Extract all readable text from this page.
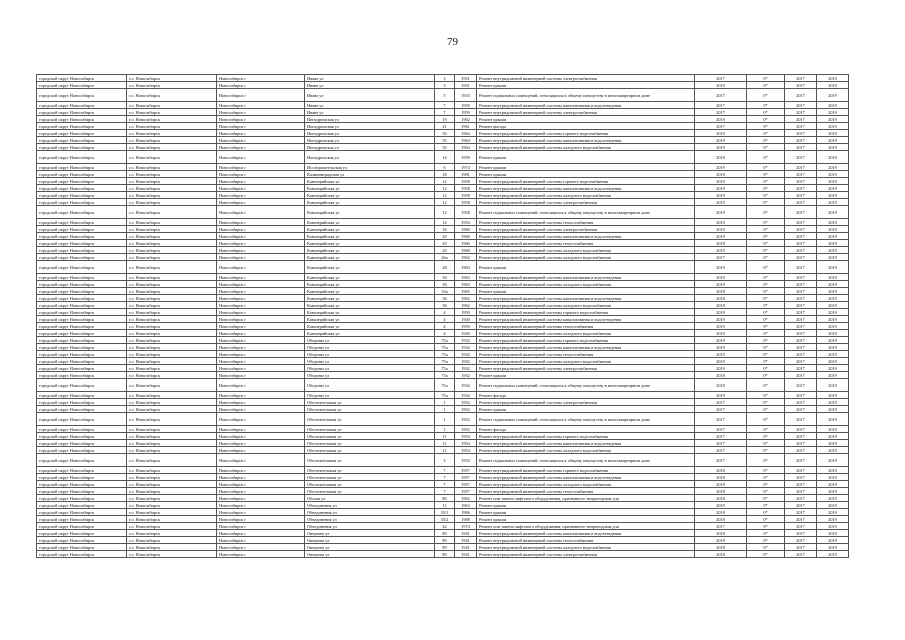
79
городской округ Новосибирск	г.о. Новосибирск	Новосибирск г	Ивана ул	3	1951	Ремонт внутридомовой инженерной системы электроснабжения	2017	0*	2017	2019
городской округ Новосибирск	г.о. Новосибирск	Новосибирск г	Ивана ул	3	1951	Ремонт крыши	2019	0*	2017	2019
городской округ Новосибирск	г.о. Новосибирск	Новосибирск г	Ивана ул	5	1933	Ремонт подвальных помещений, относящихся к общему имуществу в многоквартирном доме	2017	0*	2017	2019
городской округ Новосибирск	г.о. Новосибирск	Новосибирск г	Ивана ул	7	1959	Ремонт внутридомовой инженерной системы канализования и водоотведения	2017	0*	2017	2019
городской округ Новосибирск	г.о. Новосибирск	Новосибирск г	Ивана ул	7	1959	Ремонт внутридомовой инженерной системы электроснабжения	2017	0*	2017	2019
городской округ Новосибирск	г.о. Новосибирск	Новосибирск г	Ипподромская ул	19	1962	Ремонт крыши	2019	0*	2017	2019
городской округ Новосибирск	г.о. Новосибирск	Новосибирск г	Ипподромская ул	21	1961	Ремонт фасада	2017	0*	2017	2019
городской округ Новосибирск	г.о. Новосибирск	Новосибирск г	Ипподромская ул	35	1964	Ремонт внутридомовой инженерной системы горячего водоснабжения	2019	0*	2017	2019
городской округ Новосибирск	г.о. Новосибирск	Новосибирск г	Ипподромская ул	35	1964	Ремонт внутридомовой инженерной системы канализования и водоотведения	2019	0*	2017	2019
городской округ Новосибирск	г.о. Новосибирск	Новосибирск г	Ипподромская ул	35	1964	Ремонт внутридомовой инженерной системы холодного водоснабжения	2019	0*	2017	2019
городской округ Новосибирск	г.о. Новосибирск	Новосибирск г	Ипподромская ул	14	1959	Ремонт крыши	2018	0*	2017	2019
городской округ Новосибирск	г.о. Новосибирск	Новосибирск г	Исследовательская ул	6	1974	Ремонт крыши	2019	0*	2017	2019
городской округ Новосибирск	г.о. Новосибирск	Новосибирск г	Калининградская ул	18	1981	Ремонт крыши	2018	0*	2017	2019
городской округ Новосибирск	г.о. Новосибирск	Новосибирск г	Кавалерийская ул	12	1958	Ремонт внутридомовой инженерной системы горячего водоснабжения	2019	0*	2017	2019
городской округ Новосибирск	г.о. Новосибирск	Новосибирск г	Кавалерийская ул	12	1958	Ремонт внутридомовой инженерной системы канализования и водоотведения	2019	0*	2017	2019
городской округ Новосибирск	г.о. Новосибирск	Новосибирск г	Кавалерийская ул	12	1958	Ремонт внутридомовой инженерной системы холодного водоснабжения	2019	0*	2017	2019
городской округ Новосибирск	г.о. Новосибирск	Новосибирск г	Кавалерийская ул	12	1958	Ремонт внутридомовой инженерной системы электроснабжения	2019	0*	2017	2019
городской округ Новосибирск	г.о. Новосибирск	Новосибирск г	Кавалерийская ул	12	1958	Ремонт подвальных помещений, относящихся к общему имуществу в многоквартирном доме	2019	0*	2017	2019
городской округ Новосибирск	г.о. Новосибирск	Новосибирск г	Кавалерийская ул	14	1954	Ремонт внутридомовой инженерной системы теплоснабжения	2019	0*	2017	2019
городской округ Новосибирск	г.о. Новосибирск	Новосибирск г	Кавалерийская ул	16	1960	Ремонт внутридомовой инженерной системы электроснабжения	2019	0*	2017	2019
городской округ Новосибирск	г.о. Новосибирск	Новосибирск г	Кавалерийская ул	20	1960	Ремонт внутридомовой инженерной системы канализования и водоотведения	2019	0*	2017	2019
городской округ Новосибирск	г.о. Новосибирск	Новосибирск г	Кавалерийская ул	20	1960	Ремонт внутридомовой инженерной системы теплоснабжения	2018	0*	2017	2019
городской округ Новосибирск	г.о. Новосибирск	Новосибирск г	Кавалерийская ул	20	1960	Ремонт внутридомовой инженерной системы холодного водоснабжения	2019	0*	2017	2019
городской округ Новосибирск	г.о. Новосибирск	Новосибирск г	Кавалерийская ул	26а	1962	Ремонт внутридомовой инженерной системы холодного водоснабжения	2017	0*	2017	2019
городской округ Новосибирск	г.о. Новосибирск	Новосибирск г	Кавалерийская ул	28	1963	Ремонт крыши	2019	0*	2017	2019
городской округ Новосибирск	г.о. Новосибирск	Новосибирск г	Кавалерийская ул	30	1963	Ремонт внутридомовой инженерной системы канализования и водоотведения	2019	0*	2017	2019
городской округ Новосибирск	г.о. Новосибирск	Новосибирск г	Кавалерийская ул	30	1963	Ремонт внутридомовой инженерной системы холодного водоснабжения	2019	0*	2017	2019
городской округ Новосибирск	г.о. Новосибирск	Новосибирск г	Кавалерийская ул	33а	1965	Ремонт крыши	2018	0*	2017	2019
городской округ Новосибирск	г.о. Новосибирск	Новосибирск г	Кавалерийская ул	36	1962	Ремонт внутридомовой инженерной системы канализования и водоотведения	2018	0*	2017	2019
городской округ Новосибирск	г.о. Новосибирск	Новосибирск г	Кавалерийская ул	36	1962	Ремонт внутридомовой инженерной системы холодного водоснабжения	2018	0*	2017	2019
городской округ Новосибирск	г.о. Новосибирск	Новосибирск г	Кавалерийская ул	4	1959	Ремонт внутридомовой инженерной системы горячего водоснабжения	2019	0*	2017	2019
городской округ Новосибирск	г.о. Новосибирск	Новосибирск г	Кавалерийская ул	4	1940	Ремонт внутридомовой инженерной системы канализования и водоотведения	2019	0*	2017	2019
городской округ Новосибирск	г.о. Новосибирск	Новосибирск г	Кавалерийская ул	4	1959	Ремонт внутридомовой инженерной системы теплоснабжения	2019	0*	2017	2019
городской округ Новосибирск	г.о. Новосибирск	Новосибирск г	Кавалерийская ул	4	1940	Ремонт внутридомовой инженерной системы холодного водоснабжения	2019	0*	2017	2019
городской округ Новосибирск	г.о. Новосибирск	Новосибирск г	Обороны ул	75а	1932	Ремонт внутридомовой инженерной системы горячего водоснабжения	2019	0*	2017	2019
городской округ Новосибирск	г.о. Новосибирск	Новосибирск г	Обороны ул	75а	1932	Ремонт внутридомовой инженерной системы канализования и водоотведения	2019	0*	2017	2019
городской округ Новосибирск	г.о. Новосибирск	Новосибирск г	Обороны ул	75а	1932	Ремонт внутридомовой инженерной системы теплоснабжения	2019	0*	2017	2019
городской округ Новосибирск	г.о. Новосибирск	Новосибирск г	Обороны ул	75а	1932	Ремонт внутридомовой инженерной системы холодного водоснабжения	2019	0*	2017	2019
городской округ Новосибирск	г.о. Новосибирск	Новосибирск г	Обороны ул	75а	1932	Ремонт внутридомовой инженерной системы электроснабжения	2019	0*	2017	2019
городской округ Новосибирск	г.о. Новосибирск	Новосибирск г	Обороны ул	75а	1932	Ремонт крыши	2018	0*	2017	2019
городской округ Новосибирск	г.о. Новосибирск	Новосибирск г	Обороны ул	75а	1932	Ремонт подвальных помещений, относящихся к общему имуществу в многоквартирном доме	2018	0*	2017	2019
городской округ Новосибирск	г.о. Новосибирск	Новосибирск г	Обороны ул	75а	1932	Ремонт фасада	2019	0*	2017	2019
городской округ Новосибирск	г.о. Новосибирск	Новосибирск г	Обогатительная ул	1	1952	Ремонт внутридомовой инженерной системы электроснабжения	2017	0*	2017	2019
городской округ Новосибирск	г.о. Новосибирск	Новосибирск г	Обогатительная ул	1	1952	Ремонт крыши	2017	0*	2017	2019
городской округ Новосибирск	г.о. Новосибирск	Новосибирск г	Обогатительная ул	1	1952	Ремонт подвальных помещений, относящихся к общему имуществу в многоквартирном доме	2017	0*	2017	2019
городской округ Новосибирск	г.о. Новосибирск	Новосибирск г	Обогатительная ул	1	1952	Ремонт фасада	2017	0*	2017	2019
городской округ Новосибирск	г.о. Новосибирск	Новосибирск г	Обогатительная ул	11	1954	Ремонт внутридомовой инженерной системы горячего водоснабжения	2017	0*	2017	2019
городской округ Новосибирск	г.о. Новосибирск	Новосибирск г	Обогатительная ул	11	1954	Ремонт внутридомовой инженерной системы канализования и водоотведения	2017	0*	2017	2019
городской округ Новосибирск	г.о. Новосибирск	Новосибирск г	Обогатительная ул	11	1954	Ремонт внутридомовой инженерной системы холодного водоснабжения	2017	0*	2017	2019
городской округ Новосибирск	г.о. Новосибирск	Новосибирск г	Обогатительная ул	3	1953	Ремонт подвальных помещений, относящихся к общему имуществу в многоквартирном доме	2017	0*	2017	2019
городской округ Новосибирск	г.о. Новосибирск	Новосибирск г	Обогатительная ул	7	1957	Ремонт внутридомовой инженерной системы горячего водоснабжения	2018	0*	2017	2019
городской округ Новосибирск	г.о. Новосибирск	Новосибирск г	Обогатительная ул	7	1957	Ремонт внутридомовой инженерной системы канализования и водоотведения	2018	0*	2017	2019
городской округ Новосибирск	г.о. Новосибирск	Новосибирск г	Обогатительная ул	7	1957	Ремонт внутридомовой инженерной системы холодного водоснабжения	2018	0*	2017	2019
городской округ Новосибирск	г.о. Новосибирск	Новосибирск г	Обогатительная ул	7	1957	Ремонт внутридомовой инженерной системы теплоснабжения	2018	0*	2017	2019
городской округ Новосибирск	г.о. Новосибирск	Новосибирск г	Обская ул	80	1962	Ремонт или замена лифтового оборудования, признанного непригодным для	2018	0*	2017	2019
городской округ Новосибирск	г.о. Новосибирск	Новосибирск г	Объединения ул	11	1963	Ремонт крыши	2019	0*	2017	2019
городской округ Новосибирск	г.о. Новосибирск	Новосибирск г	Объединения ул	35/1	1996	Ремонт крыши	2018	0*	2017	2019
городской округ Новосибирск	г.о. Новосибирск	Новосибирск г	Объединения ул	35/2	1988	Ремонт крыши	2018	0*	2017	2019
городской округ Новосибирск	г.о. Новосибирск	Новосибирск г	Объединения ул	42	1974	Ремонт или замена лифтового оборудования, признанного непригодным для	2017	0*	2017	2019
городской округ Новосибирск	г.о. Новосибирск	Новосибирск г	Овчукова ул	89	1941	Ремонт внутридомовой инженерной системы канализования и водоотведения	2018	0*	2017	2019
городской округ Новосибирск	г.о. Новосибирск	Новосибирск г	Овчукова ул	89	1941	Ремонт внутридомовой инженерной системы теплоснабжения	2018	0*	2017	2019
городской округ Новосибирск	г.о. Новосибирск	Новосибирск г	Овчукова ул	89	1941	Ремонт внутридомовой инженерной системы холодного водоснабжения	2018	0*	2017	2019
городской округ Новосибирск	г.о. Новосибирск	Новосибирск г	Овчукова ул	89	1941	Ремонт внутридомовой инженерной системы электроснабжения	2018	0*	2017	2019
